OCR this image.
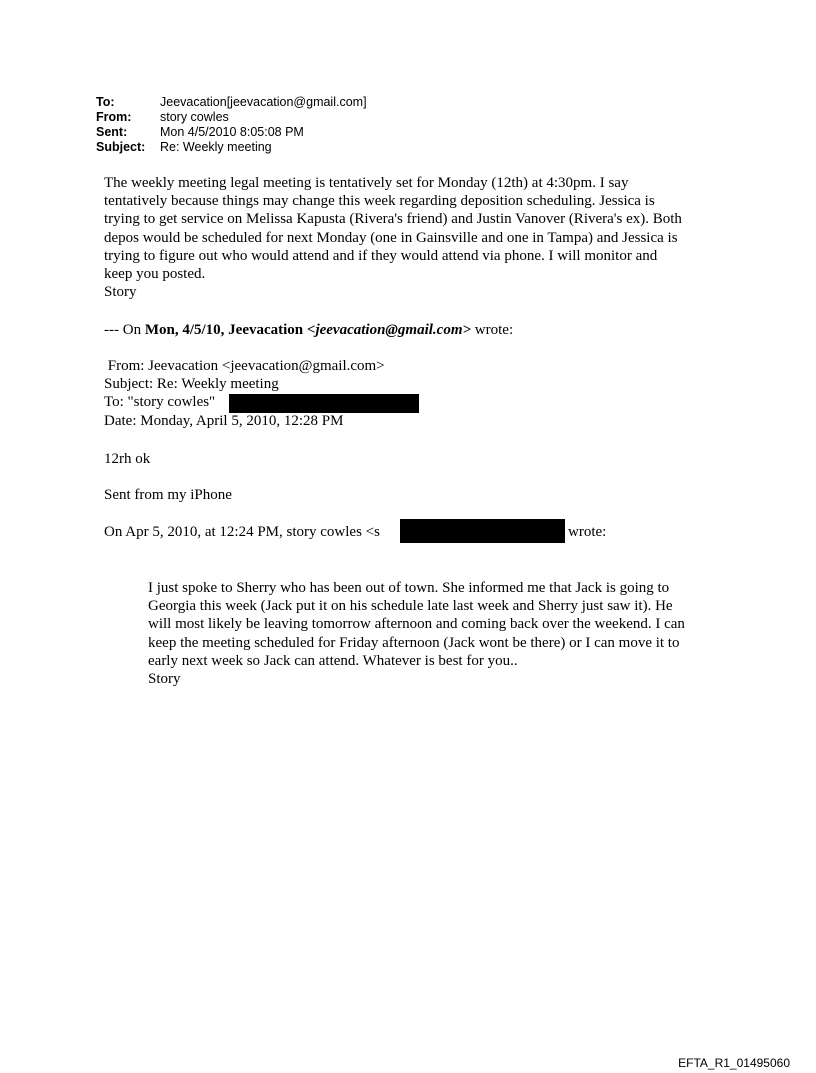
To:	Jeevacation[jeevacation@gmail.com]
From:	story cowles
Sent:	Mon 4/5/2010 8:05:08 PM
Subject:	Re: Weekly meeting
The weekly meeting legal meeting is tentatively set for Monday (12th) at 4:30pm. I say
tentatively because things may change this week regarding deposition scheduling. Jessica is
trying to get service on Melissa Kapusta (Rivera's friend) and Justin Vanover (Rivera's ex). Both
depos would be scheduled for next Monday (one in Gainsville and one in Tampa) and Jessica is
trying to figure out who would attend and if they would attend via phone. I will monitor and
keep you posted.
Story
--- On Mon, 4/5/10, Jeevacation <jeevacation@gmail.com> wrote:
From: Jeevacation <jeevacation@gmail.com>
Subject: Re: Weekly meeting
To: "story cowles"
Date: Monday, April 5, 2010, 12:28 PM
12rh ok
Sent from my iPhone
On Apr 5, 2010, at 12:24 PM, story cowles <s	wrote:
I just spoke to Sherry who has been out of town. She informed me that Jack is going to
Georgia this week (Jack put it on his schedule late last week and Sherry just saw it). He
will most likely be leaving tomorrow afternoon and coming back over the weekend. I can
keep the meeting scheduled for Friday afternoon (Jack wont be there) or I can move it to
early next week so Jack can attend. Whatever is best for you..
Story
EFTA_R1_01495060
